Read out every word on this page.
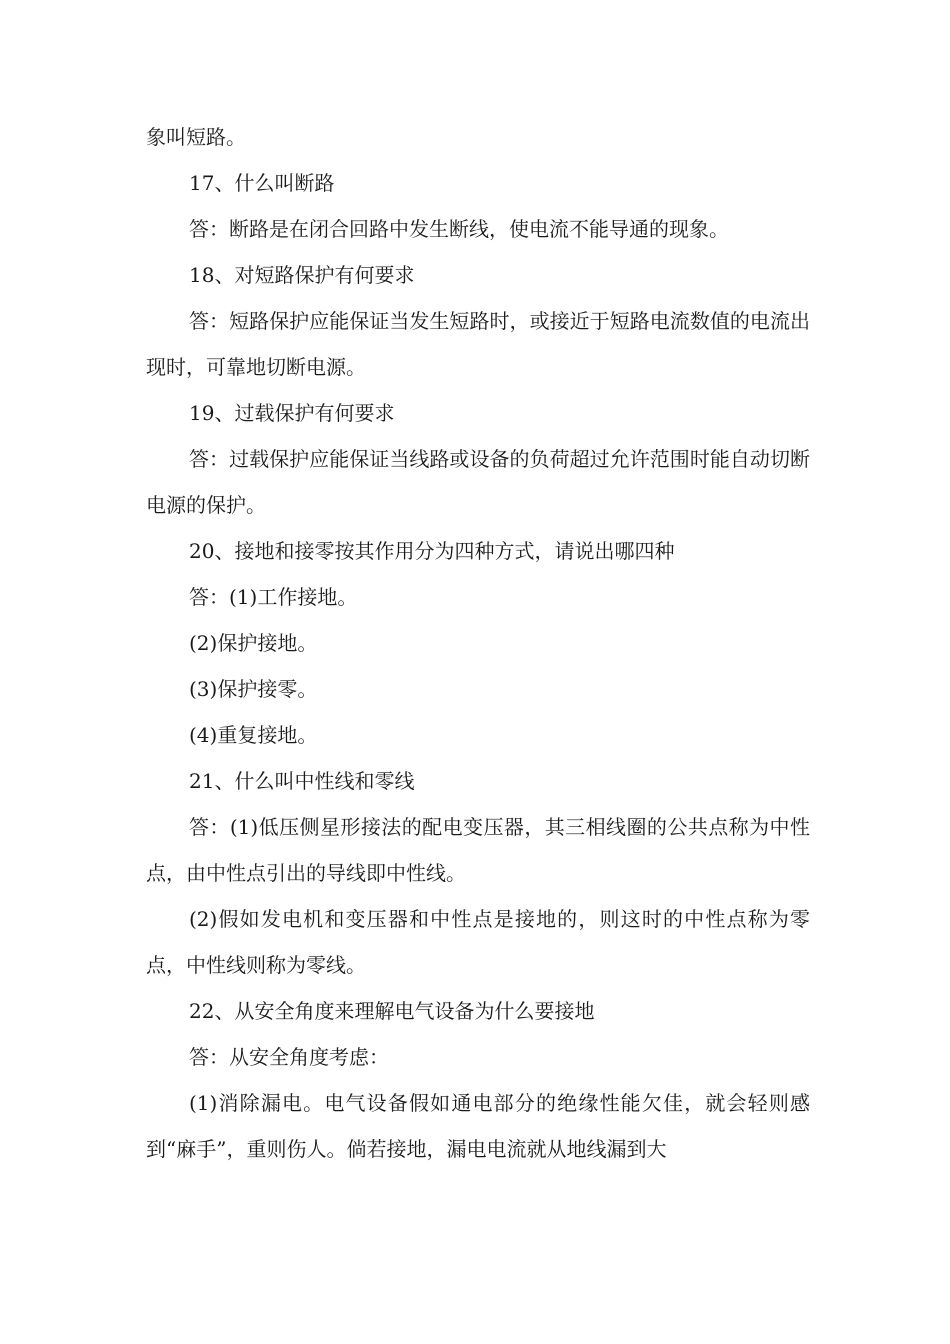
象叫短路。

17、什么叫断路

答：断路是在闭合回路中发生断线，使电流不能导通的现象。

18、对短路保护有何要求

答：短路保护应能保证当发生短路时，或接近于短路电流数值的电流出现时，可靠地切断电源。

19、过载保护有何要求

答：过载保护应能保证当线路或设备的负荷超过允许范围时能自动切断电源的保护。

20、接地和接零按其作用分为四种方式，请说出哪四种

答：(1)工作接地。

(2)保护接地。

(3)保护接零。

(4)重复接地。

21、什么叫中性线和零线

答：(1)低压侧星形接法的配电变压器，其三相线圈的公共点称为中性点，由中性点引出的导线即中性线。

(2)假如发电机和变压器和中性点是接地的，则这时的中性点称为零点，中性线则称为零线。

22、从安全角度来理解电气设备为什么要接地

答：从安全角度考虑：

(1)消除漏电。电气设备假如通电部分的绝缘性能欠佳，就会轻则感到“麻手”，重则伤人。倘若接地，漏电电流就从地线漏到大
